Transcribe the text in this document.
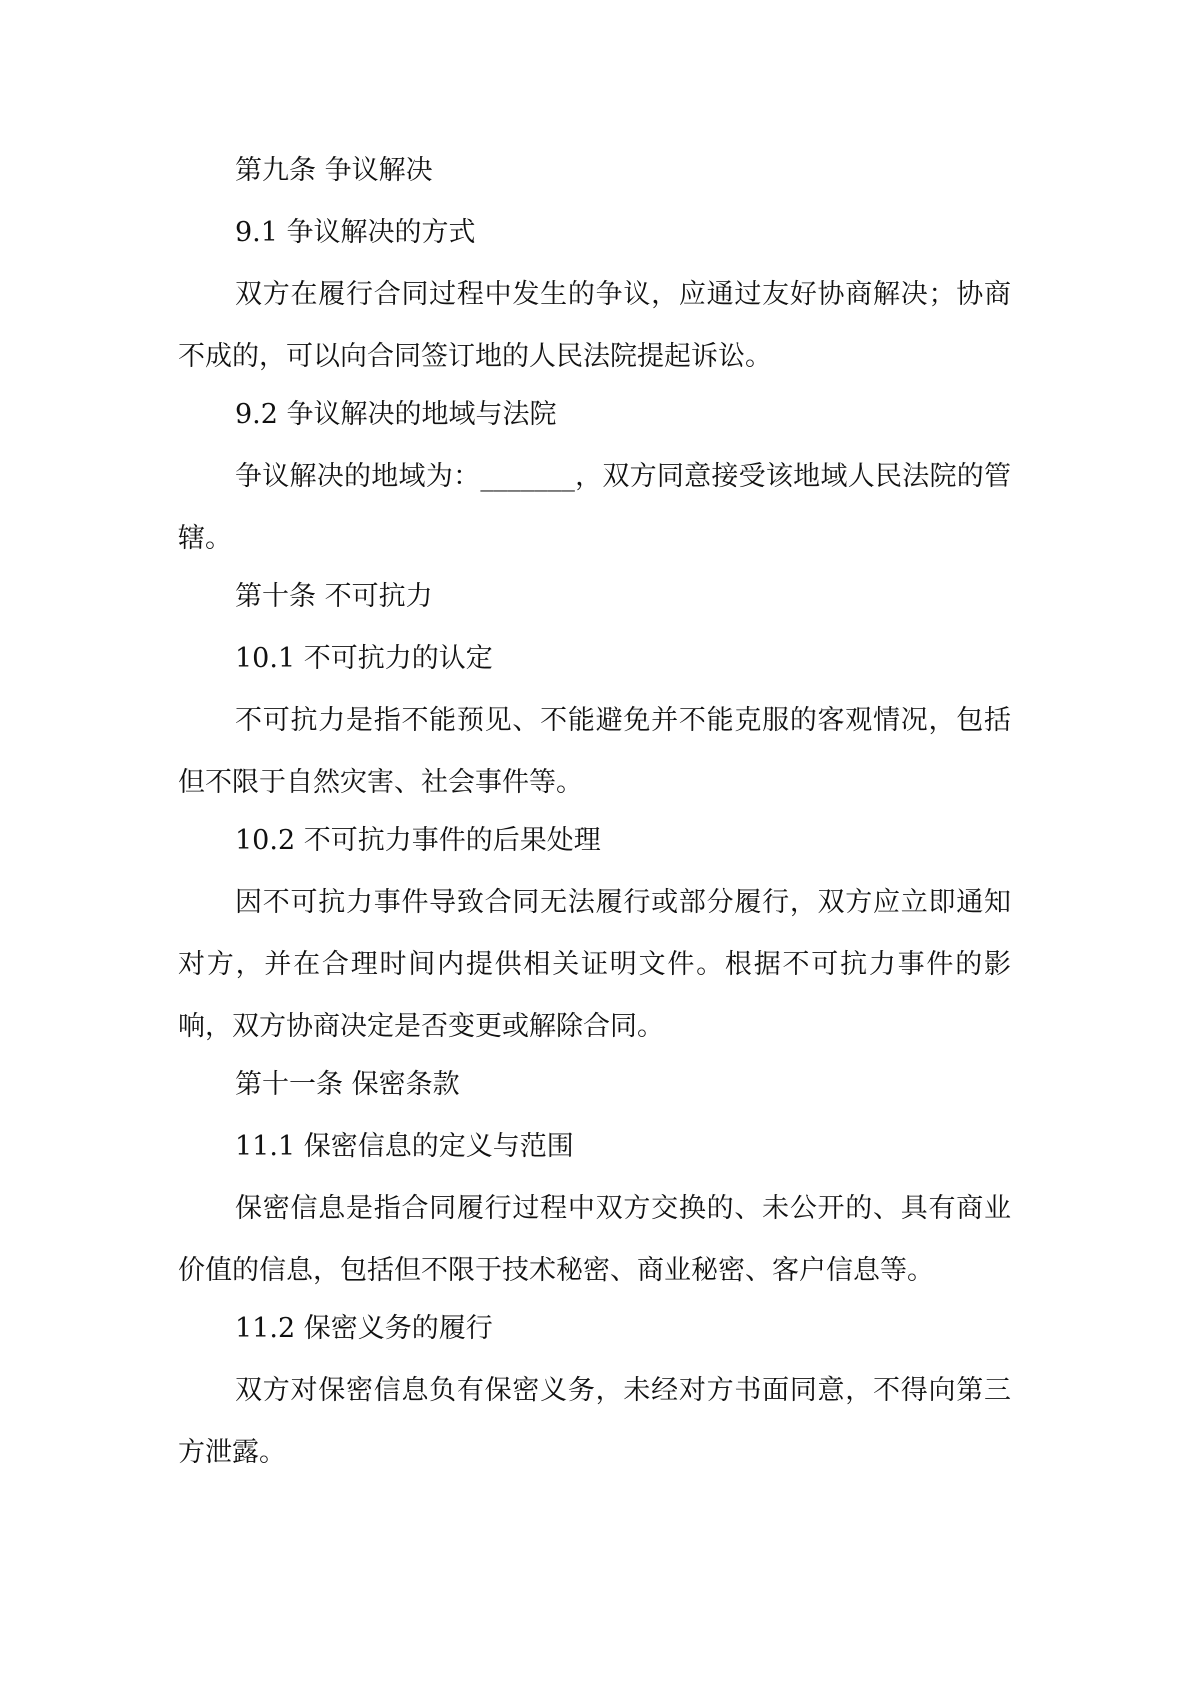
第九条 争议解决

9.1 争议解决的方式

双方在履行合同过程中发生的争议，应通过友好协商解决；协商不成的，可以向合同签订地的人民法院提起诉讼。

9.2 争议解决的地域与法院

争议解决的地域为：_______，双方同意接受该地域人民法院的管辖。

第十条 不可抗力

10.1 不可抗力的认定

不可抗力是指不能预见、不能避免并不能克服的客观情况，包括但不限于自然灾害、社会事件等。

10.2 不可抗力事件的后果处理

因不可抗力事件导致合同无法履行或部分履行，双方应立即通知对方，并在合理时间内提供相关证明文件。根据不可抗力事件的影响，双方协商决定是否变更或解除合同。

第十一条 保密条款

11.1 保密信息的定义与范围

保密信息是指合同履行过程中双方交换的、未公开的、具有商业价值的信息，包括但不限于技术秘密、商业秘密、客户信息等。

11.2 保密义务的履行

双方对保密信息负有保密义务，未经对方书面同意，不得向第三方泄露。
